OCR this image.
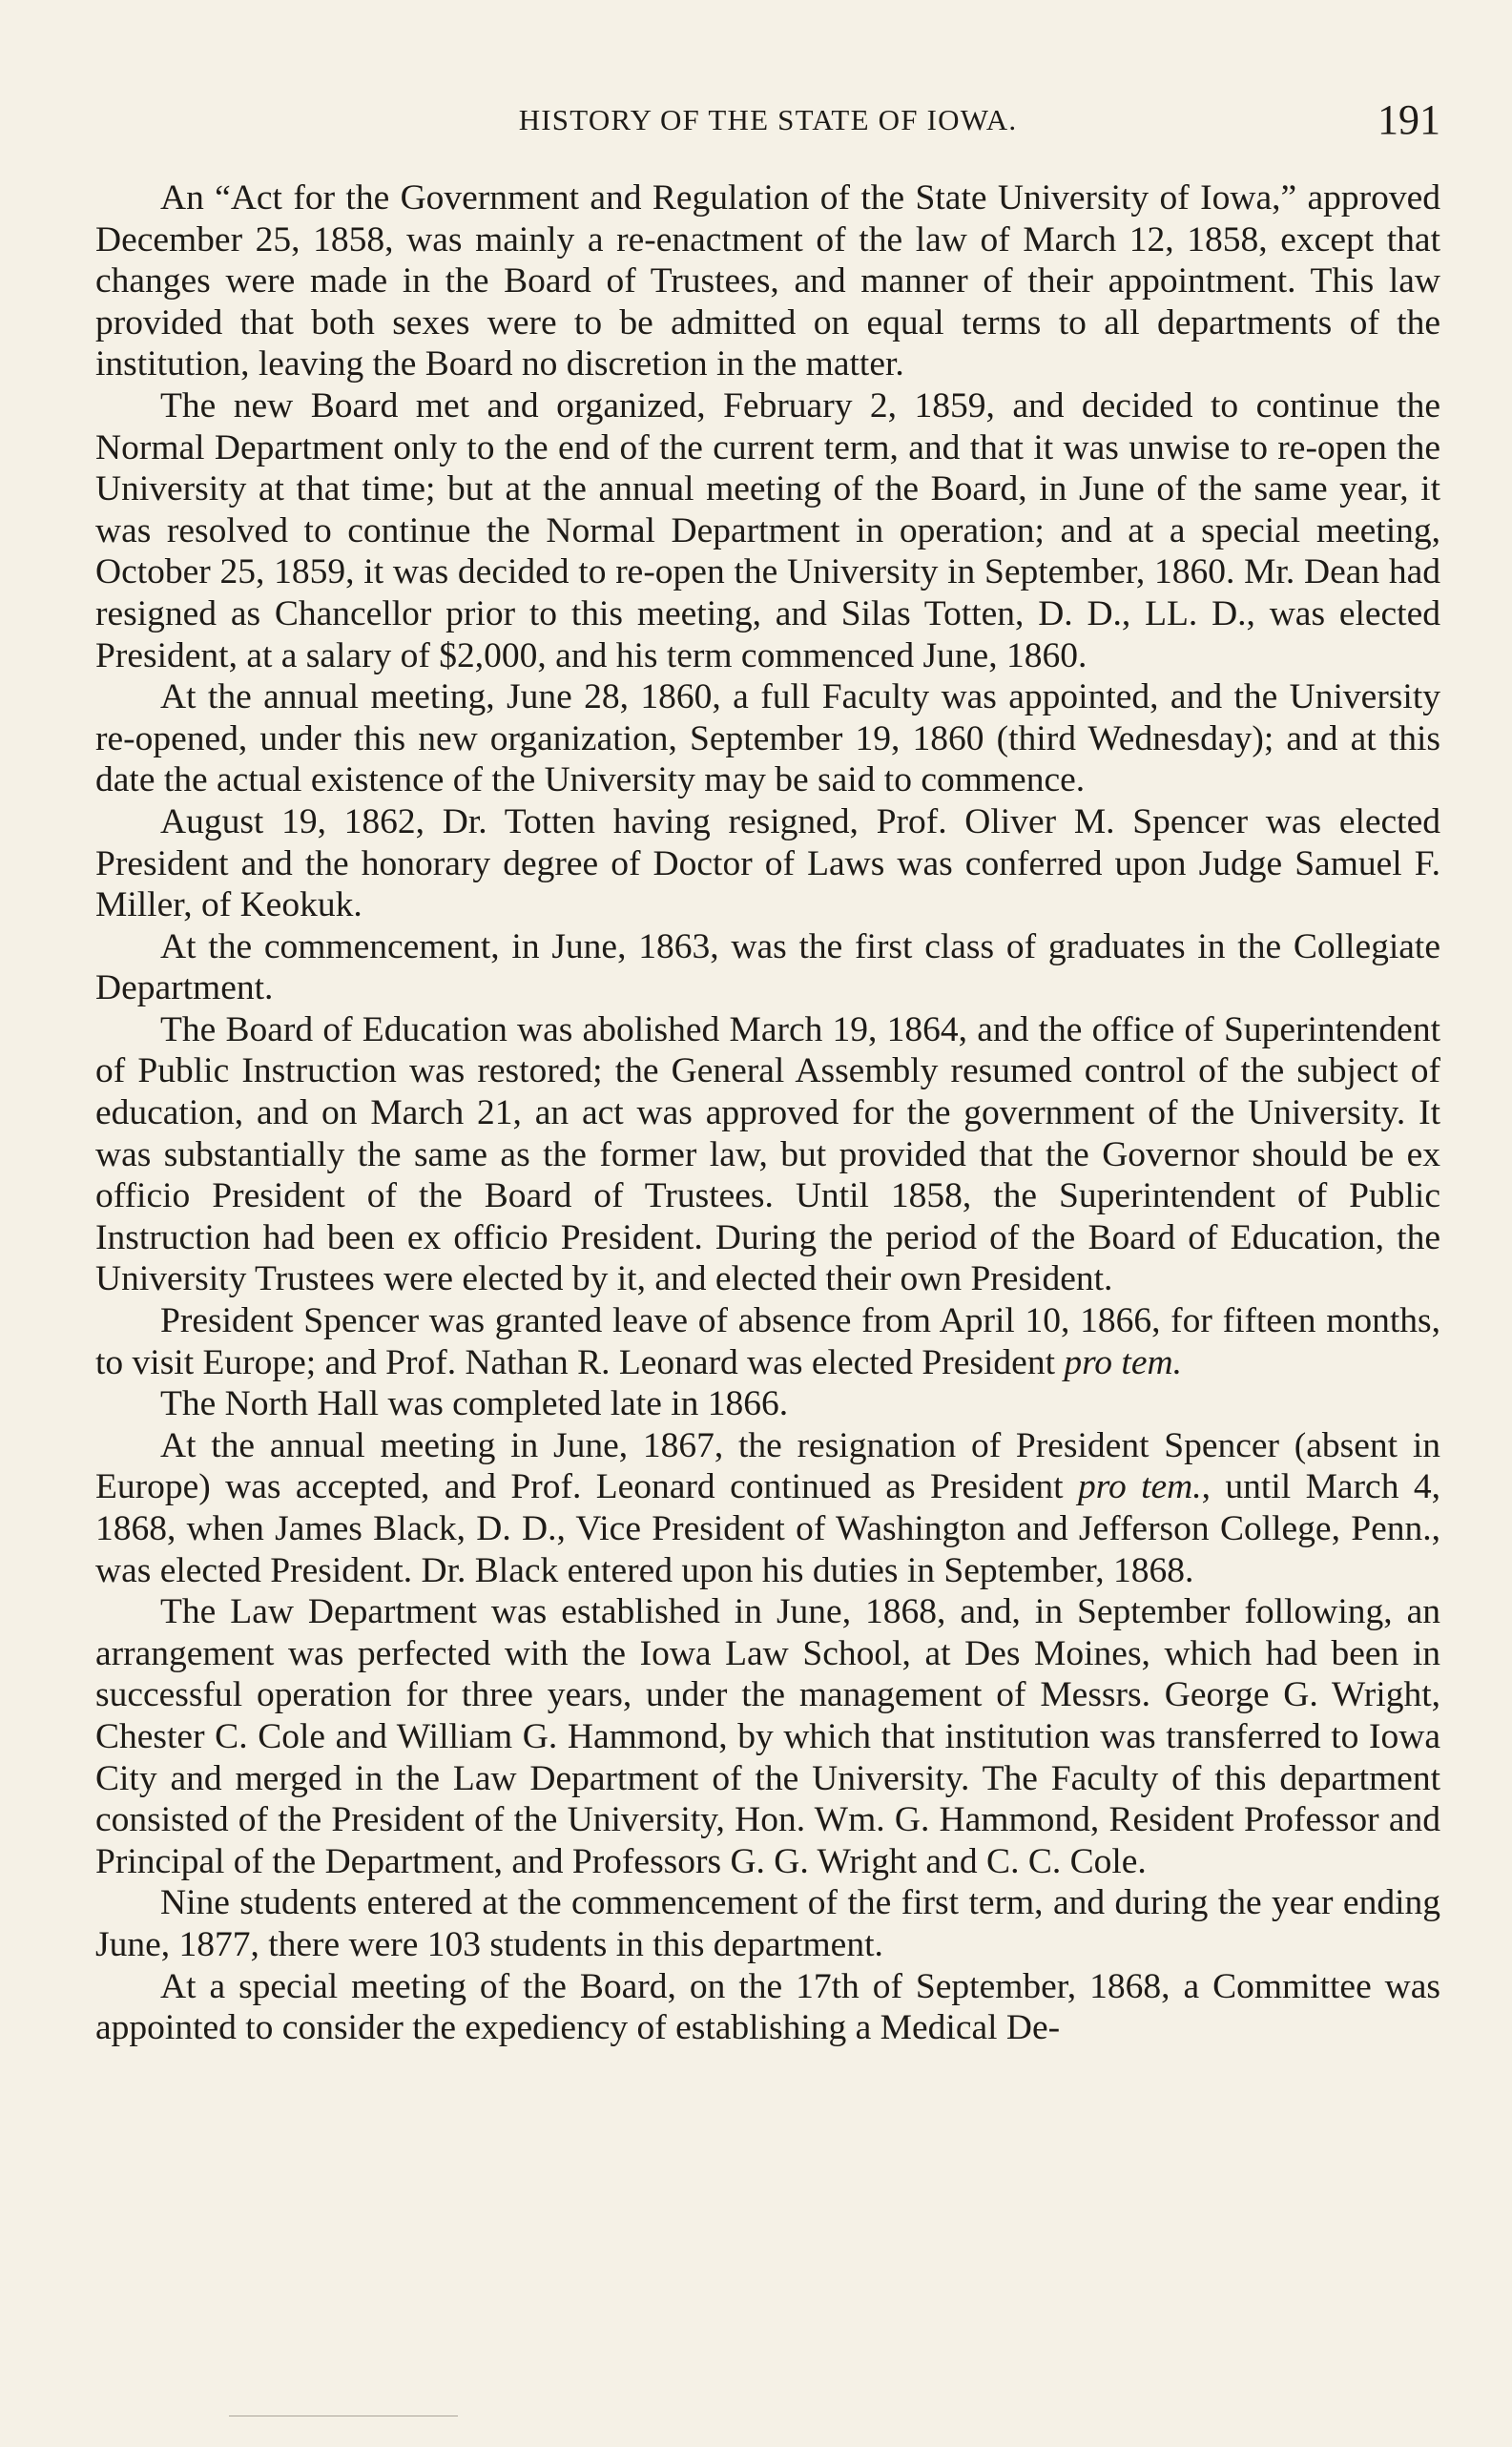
HISTORY OF THE STATE OF IOWA.	191

An “Act for the Government and Regulation of the State University of Iowa,” approved December 25, 1858, was mainly a re-enactment of the law of March 12, 1858, except that changes were made in the Board of Trustees, and manner of their appointment. This law provided that both sexes were to be admitted on equal terms to all departments of the institution, leaving the Board no discretion in the matter.

The new Board met and organized, February 2, 1859, and decided to continue the Normal Department only to the end of the current term, and that it was unwise to re-open the University at that time; but at the annual meeting of the Board, in June of the same year, it was resolved to continue the Normal Department in operation; and at a special meeting, October 25, 1859, it was decided to re-open the University in September, 1860. Mr. Dean had resigned as Chancellor prior to this meeting, and Silas Totten, D. D., LL. D., was elected President, at a salary of $2,000, and his term commenced June, 1860.

At the annual meeting, June 28, 1860, a full Faculty was appointed, and the University re-opened, under this new organization, September 19, 1860 (third Wednesday); and at this date the actual existence of the University may be said to commence.

August 19, 1862, Dr. Totten having resigned, Prof. Oliver M. Spencer was elected President and the honorary degree of Doctor of Laws was conferred upon Judge Samuel F. Miller, of Keokuk.

At the commencement, in June, 1863, was the first class of graduates in the Collegiate Department.

The Board of Education was abolished March 19, 1864, and the office of Superintendent of Public Instruction was restored; the General Assembly resumed control of the subject of education, and on March 21, an act was approved for the government of the University. It was substantially the same as the former law, but provided that the Governor should be ex officio President of the Board of Trustees. Until 1858, the Superintendent of Public Instruction had been ex officio President. During the period of the Board of Education, the University Trustees were elected by it, and elected their own President.

President Spencer was granted leave of absence from April 10, 1866, for fifteen months, to visit Europe; and Prof. Nathan R. Leonard was elected President pro tem.

The North Hall was completed late in 1866.

At the annual meeting in June, 1867, the resignation of President Spencer (absent in Europe) was accepted, and Prof. Leonard continued as President pro tem., until March 4, 1868, when James Black, D. D., Vice President of Washington and Jefferson College, Penn., was elected President. Dr. Black entered upon his duties in September, 1868.

The Law Department was established in June, 1868, and, in September following, an arrangement was perfected with the Iowa Law School, at Des Moines, which had been in successful operation for three years, under the management of Messrs. George G. Wright, Chester C. Cole and William G. Hammond, by which that institution was transferred to Iowa City and merged in the Law Department of the University. The Faculty of this department consisted of the President of the University, Hon. Wm. G. Hammond, Resident Professor and Principal of the Department, and Professors G. G. Wright and C. C. Cole.

Nine students entered at the commencement of the first term, and during the year ending June, 1877, there were 103 students in this department.

At a special meeting of the Board, on the 17th of September, 1868, a Committee was appointed to consider the expediency of establishing a Medical De-
